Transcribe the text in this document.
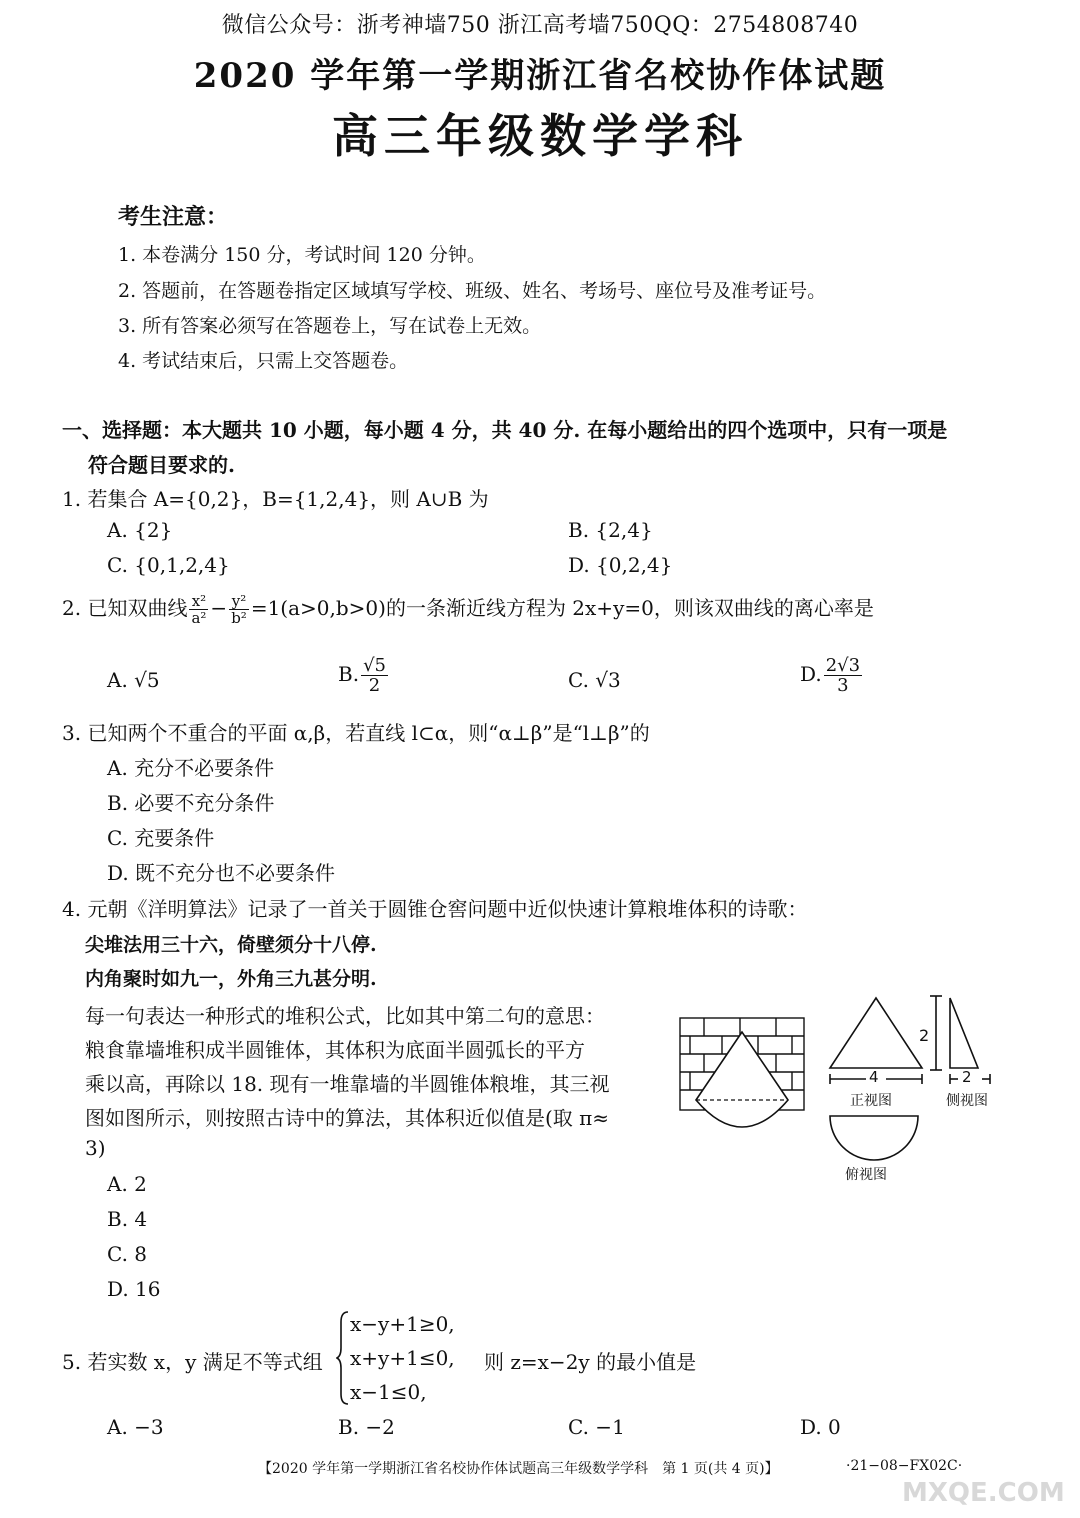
微信公众号：浙考神墙750 浙江高考墙750QQ：2754808740
2020 学年第一学期浙江省名校协作体试题
高三年级数学学科
考生注意：
1. 本卷满分 150 分，考试时间 120 分钟。
2. 答题前，在答题卷指定区域填写学校、班级、姓名、考场号、座位号及准考证号。
3. 所有答案必须写在答题卷上，写在试卷上无效。
4. 考试结束后，只需上交答题卷。
一、选择题：本大题共 10 小题，每小题 4 分，共 40 分. 在每小题给出的四个选项中，只有一项是
符合题目要求的.
1. 若集合 A={0,2}，B={1,2,4}，则 A∪B 为
A. {2}	B. {2,4}
C. {0,1,2,4}	D. {0,2,4}
2. 已知双曲线 $\frac{\text{x²}}{\text{a²}} - \frac{\text{y²}}{\text{b²}} =1(a>0,b>0)$的一条渐近线方程为 2x+y=0，则该双曲线的离心率是
A. √5	B. $\frac{√5}{2}$	C. √3	D. $\frac{2√3}{3}$
3. 已知两个不重合的平面 α,β，若直线 l⊂α，则“α⊥β”是“l⊥β”的
A. 充分不必要条件
B. 必要不充分条件
C. 充要条件
D. 既不充分也不必要条件
4. 元朝《洋明算法》记录了一首关于圆锥仓窖问题中近似快速计算粮堆体积的诗歌：
尖堆法用三十六，倚壁须分十八停.
内角聚时如九一，外角三九甚分明.
每一句表达一种形式的堆积公式，比如其中第二句的意思：
粮食靠墙堆积成半圆锥体，其体积为底面半圆弧长的平方
乘以高，再除以 18. 现有一堆靠墙的半圆锥体粮堆，其三视
图如图所示，则按照古诗中的算法，其体积近似值是(取 π≈
3)
A. 2
B. 4
C. 8
D. 16
2
4	2
正视图	侧视图
俯视图
5. 若实数 x，y 满足不等式组
x−y+1≥0,
x+y+1≤0,
x−1≤0,
则 z=x−2y 的最小值是
A. −3	B. −2	C. −1	D. 0
【2020 学年第一学期浙江省名校协作体试题高三年级数学学科　第 1 页(共 4 页)】	·21−08−FX02C·
MXQE.COM
